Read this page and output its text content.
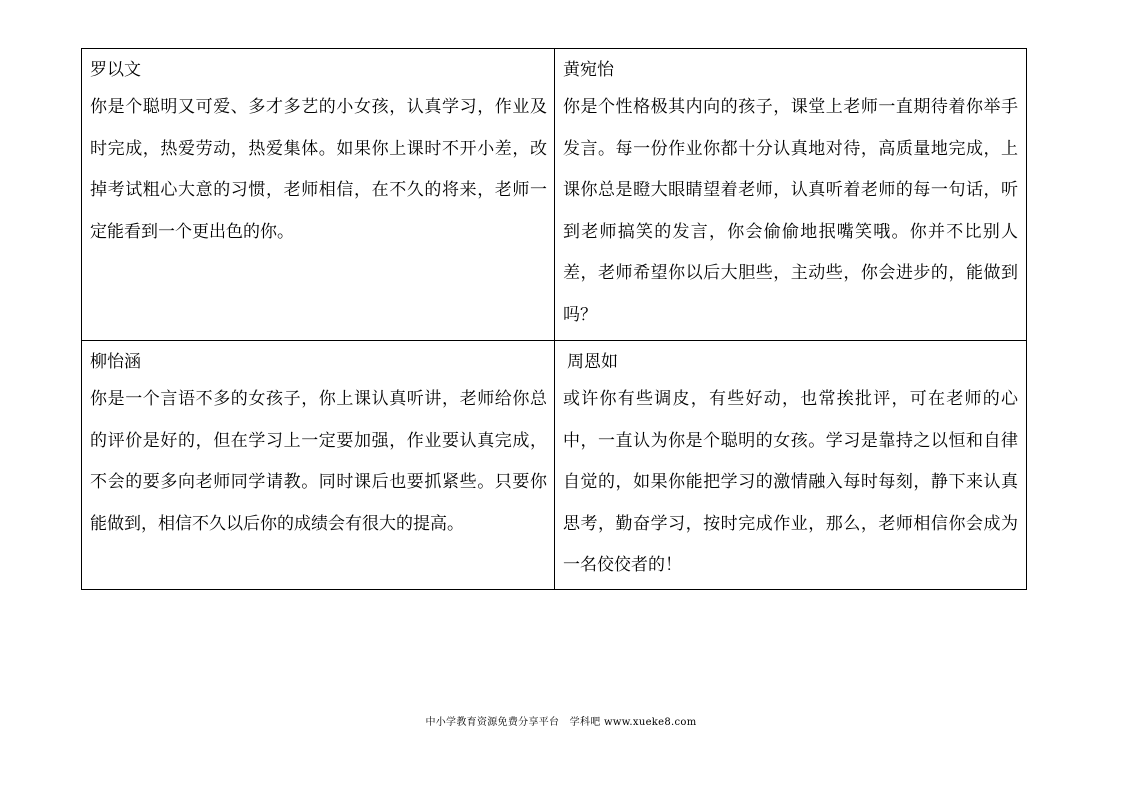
罗以文
你是个聪明又可爱、多才多艺的小女孩，认真学习，作业及时完成，热爱劳动，热爱集体。如果你上课时不开小差，改掉考试粗心大意的习惯，老师相信，在不久的将来，老师一定能看到一个更出色的你。
黄宛怡
你是个性格极其内向的孩子，课堂上老师一直期待着你举手发言。每一份作业你都十分认真地对待，高质量地完成，上课你总是瞪大眼睛望着老师，认真听着老师的每一句话，听到老师搞笑的发言，你会偷偷地抿嘴笑哦。你并不比别人差，老师希望你以后大胆些，主动些，你会进步的，能做到吗？
柳怡涵
你是一个言语不多的女孩子，你上课认真听讲，老师给你总的评价是好的，但在学习上一定要加强，作业要认真完成，不会的要多向老师同学请教。同时课后也要抓紧些。只要你能做到，相信不久以后你的成绩会有很大的提高。
周恩如
或许你有些调皮，有些好动，也常挨批评，可在老师的心中，一直认为你是个聪明的女孩。学习是靠持之以恒和自律自觉的，如果你能把学习的激情融入每时每刻，静下来认真思考，勤奋学习，按时完成作业，那么，老师相信你会成为一名佼佼者的！
中小学教育资源免费分享平台　学科吧 www.xueke8.com
